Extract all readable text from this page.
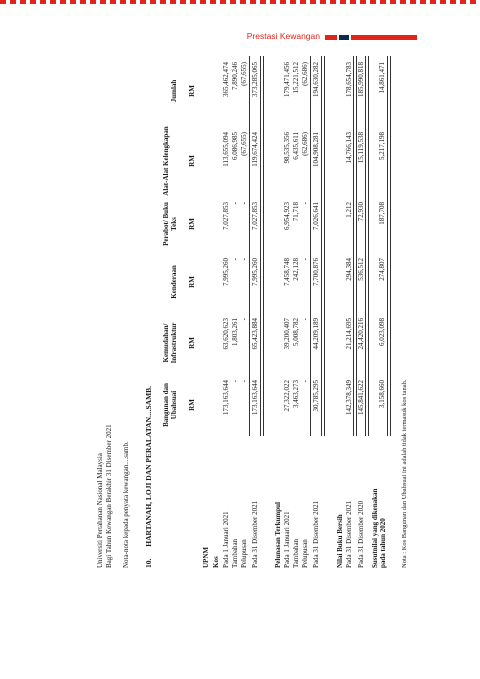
Prestasi Kewangan
Universiti Pertahanan Nasional Malaysia Bagi Tahun Kewangan Berakhir 31 Disember 2021 Nota-nota kepada penyata kewangan....samb. 10. HARTANAH, LOJI DAN PERALATAN....SAMB. Bangunan dan Ubahsuai
Kemudahan/ Infrastruktur
Kenderaan
Perabot/ Buku Teks
Alat-Alat Kelengkapan
Jumlah
RM
RM
RM
RM
RM
RM
UPNM Kos Pada 1 Januari 2021
173,163,644
63,620,623
7,995,260
7,027,853
113,655,094
365,462,474
Tambahan
-
1,803,261
-
-
6,086,985
7,890,246
Pelupusan
-
-
-
-
(67,655)
(67,655)
Pada 31 Disember 2021
173,163,644
65,423,884
7,995,260
7,027,853
119,674,424
373,285,065
Pelunasan Terkumpul Pada 1 Januari 2021
27,322,022
39,200,407
7,458,748
6,954,923
98,535,356
179,471,456
Tambahan
3,463,273
5,008,782
242,128
71,718
6,435,611
15,221,512
Pelupusan
-
-
-
-
(62,686)
(62,686)
Pada 31 Disember 2021
30,785,295
44,209,189
7,700,876
7,026,641
104,908,281
194,630,282
Nilai Buku Bersih Pada 31 Disember 2021
142,378,349
21,214,695
294,384
1,212
14,766,143
178,654,783
Pada 31 Disember 2020
145,841,622
24,420,216
536,512
72,930
15,119,538
185,990,818
Susutnilai yang dikenakan pada tahun 2020
3,158,660
6,023,098
274,807
187,708
5,217,198
14,861,471
Nota : Kos Bangunan dan Ubahsuai ini adalah tidak termasuk kos tanah.
